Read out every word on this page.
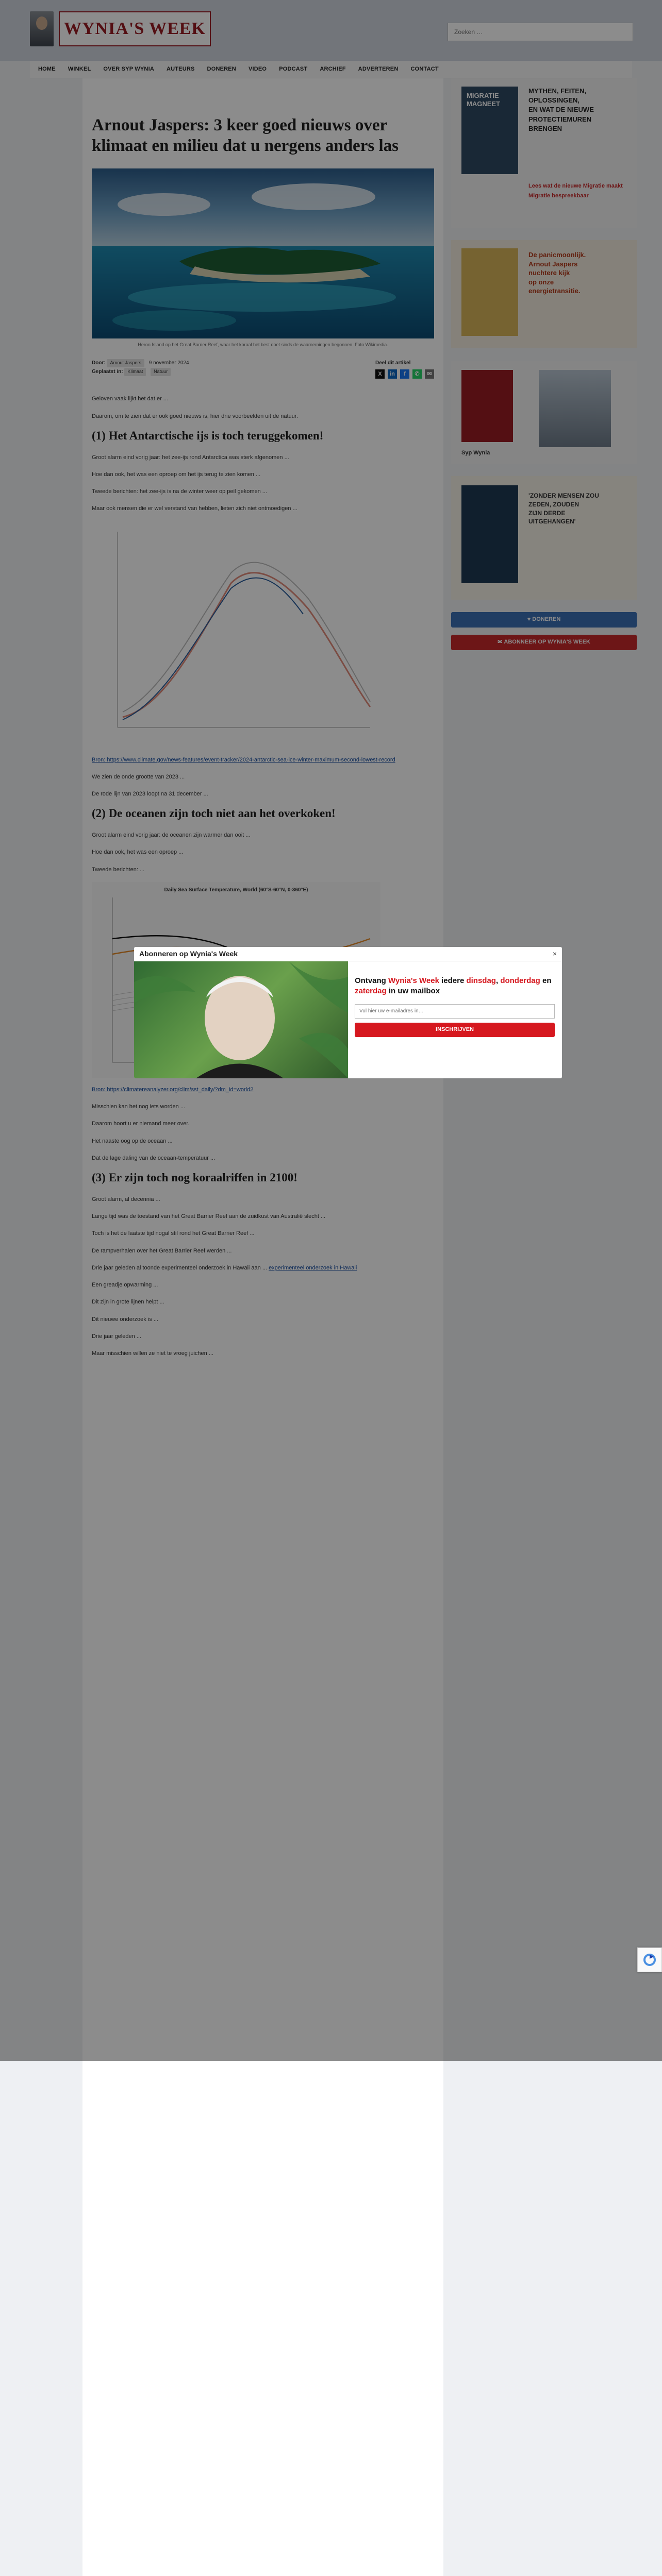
WYNIA'S WEEK
Zoeken …
HOME WINKEL OVER SYP WYNIA AUTEURS DONEREN VIDEO PODCAST ARCHIEF ADVERTEREN CONTACT
Arnout Jaspers: 3 keer goed nieuws over klimaat en milieu dat u nergens anders las

Heron Island op het Great Barrier Reef, waar het koraal het best doet sinds de waarnemingen begonnen. Foto Wikimedia.

Door: Arnout Jaspers 9 november 2024
Geplaatst in: Klimaat Natuur
Deel dit artikel
X	in	f	✆	✉

Geloven vaak lijkt het dat er ...

Daarom, om te zien dat er ook goed nieuws is, hier drie voorbeelden uit de natuur.

(1) Het Antarctische ijs is toch teruggekomen!

Groot alarm eind vorig jaar: het zee-ijs rond Antarctica was sterk afgenomen ...

Hoe dan ook, het was een oproep om het ijs terug te zien komen ...

Tweede berichten: het zee-ijs is na de winter weer op peil gekomen ...

Maar ook mensen die er wel verstand van hebben, lieten zich niet ontmoedigen ...

Bron: https://www.climate.gov/news-features/event-tracker/2024-antarctic-sea-ice-winter-maximum-second-lowest-record

We zien de onde grootte van 2023 ...

De rode lijn van 2023 loopt na 31 december ...

(2) De oceanen zijn toch niet aan het overkoken!

Groot alarm eind vorig jaar: de oceanen zijn warmer dan ooit ...

Hoe dan ook, het was een oproep ...

Tweede berichten: ...

Daily Sea Surface Temperature, World (60°S-60°N, 0-360°E)

Bron: https://climatereanalyzer.org/clim/sst_daily/?dm_id=world2

Misschien kan het nog iets worden ...

Daarom hoort u er niemand meer over.

Het naaste oog op de oceaan ...

Dat de lage daling van de oceaan-temperatuur ...

(3) Er zijn toch nog koraalriffen in 2100!

Groot alarm, al decennia ...

Lange tijd was de toestand van het Great Barrier Reef aan de zuidkust van Australië slecht ...

Toch is het de laatste tijd nogal stil rond het Great Barrier Reef ...

De rampverhalen over het Great Barrier Reef werden ...

Drie jaar geleden al toonde experimenteel onderzoek in Hawaii aan ... experimenteel onderzoek in Hawaii

Een greadje opwarming ...

Dit zijn in grote lijnen helpt ...

Dit nieuwe onderzoek is ...

Drie jaar geleden ...

Maar misschien willen ze niet te vroeg juichen ...

MIGRATIE MAGNEET
MYTHEN, FEITEN,
OPLOSSINGEN,
EN WAT DE NIEUWE
PROTECTIEMUREN
BRENGEN
Lees wat de nieuwe Migratie maakt Migratie bespreekbaar
De panicmoonlijk.
Arnout Jaspers
nuchtere kijk
op onze
energietransitie.
Syp Wynia
'ZONDER MENSEN ZOU
ZEDEN, ZOUDEN
ZIJN DERDE
UITGEHANGEN'
♥ DONEREN
✉ ABONNEER OP WYNIA'S WEEK
Abonneren op Wynia's Week	×
Ontvang Wynia's Week iedere dinsdag, donderdag en zaterdag in uw mailbox
Vul hier uw e-mailadres in…
INSCHRIJVEN
